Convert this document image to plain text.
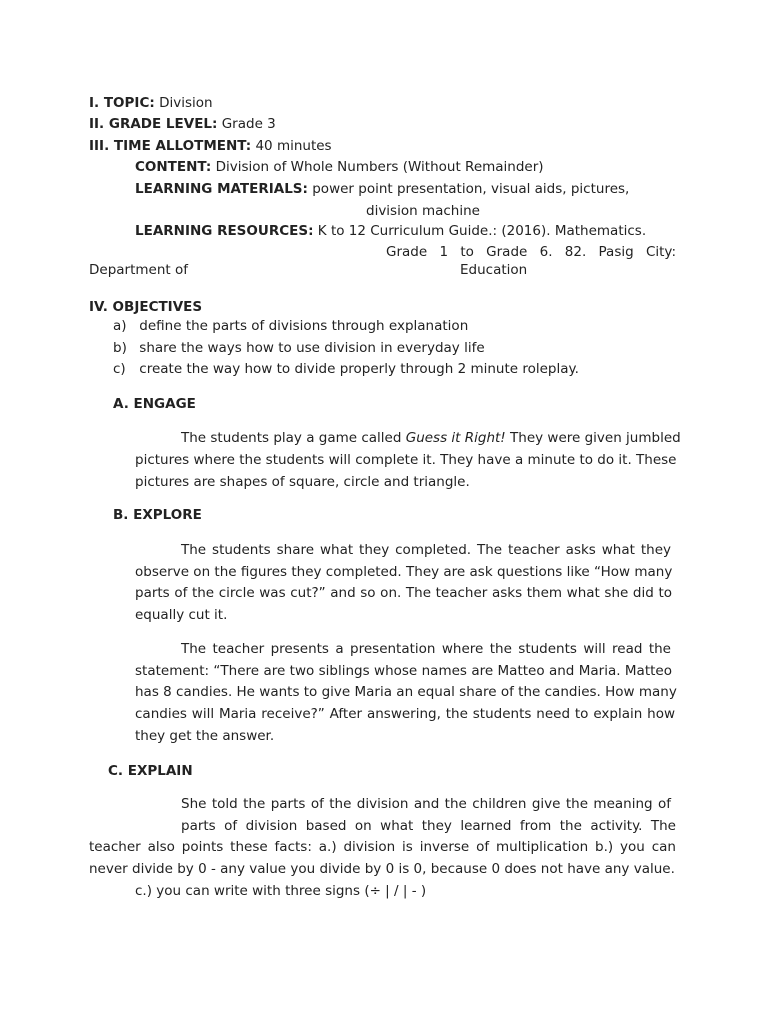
I. TOPIC: Division
II. GRADE LEVEL: Grade 3
III. TIME ALLOTMENT: 40 minutes
CONTENT: Division of Whole Numbers (Without Remainder)
LEARNING MATERIALS: power point presentation, visual aids, pictures,
division machine
LEARNING RESOURCES: K to 12 Curriculum Guide.: (2016). Mathematics.
Grade 1 to Grade 6. 82. Pasig City:
Department of	Education
IV. OBJECTIVES
a) define the parts of divisions through explanation
b) share the ways how to use division in everyday life
c) create the way how to divide properly through 2 minute roleplay.
A. ENGAGE
The students play a game called Guess it Right! They were given jumbled
pictures where the students will complete it. They have a minute to do it. These
pictures are shapes of square, circle and triangle.
B. EXPLORE
The students share what they completed. The teacher asks what they
observe on the figures they completed. They are ask questions like “How many
parts of the circle was cut?” and so on. The teacher asks them what she did to
equally cut it.
The teacher presents a presentation where the students will read the
statement: “There are two siblings whose names are Matteo and Maria. Matteo
has 8 candies. He wants to give Maria an equal share of the candies. How many
candies will Maria receive?” After answering, the students need to explain how
they get the answer.
C. EXPLAIN
She told the parts of the division and the children give the meaning of
parts of division based on what they learned from the activity. The
teacher also points these facts: a.) division is inverse of multiplication b.) you can
never divide by 0 - any value you divide by 0 is 0, because 0 does not have any value.
c.) you can write with three signs (÷ | / | - )
